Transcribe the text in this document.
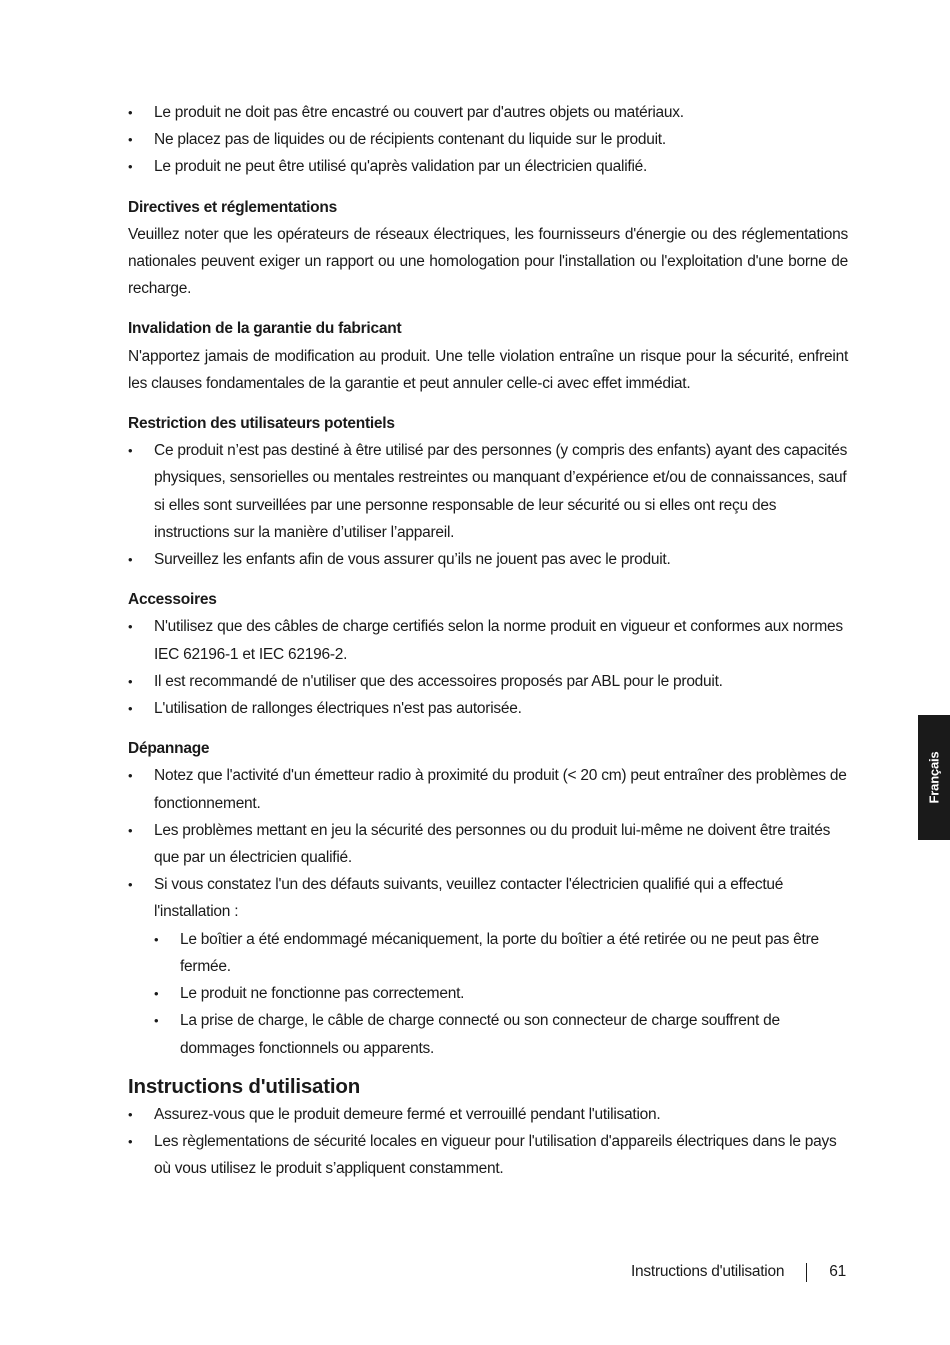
• Le produit ne doit pas être encastré ou couvert par d'autres objets ou matériaux.
• Ne placez pas de liquides ou de récipients contenant du liquide sur le produit.
• Le produit ne peut être utilisé qu'après validation par un électricien qualifié.
Directives et réglementations

Veuillez noter que les opérateurs de réseaux électriques, les fournisseurs d'énergie ou des réglementations nationales peuvent exiger un rapport ou une homologation pour l'installation ou l'exploitation d'une borne de recharge.

Invalidation de la garantie du fabricant

N'apportez jamais de modification au produit. Une telle violation entraîne un risque pour la sécurité, enfreint les clauses fondamentales de la garantie et peut annuler celle-ci avec effet immédiat.

Restriction des utilisateurs potentiels
• Ce produit n’est pas destiné à être utilisé par des personnes (y compris des enfants) ayant des capacités physiques, sensorielles ou mentales restreintes ou manquant d’expérience et/ou de connaissances, sauf si elles sont surveillées par une personne responsable de leur sécurité ou si elles ont reçu des instructions sur la manière d’utiliser l’appareil.
• Surveillez les enfants afin de vous assurer qu’ils ne jouent pas avec le produit.
Accessoires
• N'utilisez que des câbles de charge certifiés selon la norme produit en vigueur et conformes aux normes IEC 62196-1 et IEC 62196-2.
• Il est recommandé de n'utiliser que des accessoires proposés par ABL pour le produit.
• L'utilisation de rallonges électriques n'est pas autorisée.
Dépannage
• Notez que l'activité d'un émetteur radio à proximité du produit (< 20 cm) peut entraîner des problèmes de fonctionnement.
• Les problèmes mettant en jeu la sécurité des personnes ou du produit lui-même ne doivent être traités que par un électricien qualifié.
• Si vous constatez l'un des défauts suivants, veuillez contacter l'électricien qualifié qui a effectué l'installation :
• Le boîtier a été endommagé mécaniquement, la porte du boîtier a été retirée ou ne peut pas être fermée.
• Le produit ne fonctionne pas correctement.
• La prise de charge, le câble de charge connecté ou son connecteur de charge souffrent de dommages fonctionnels ou apparents.
Instructions d'utilisation
• Assurez-vous que le produit demeure fermé et verrouillé pendant l'utilisation.
• Les règlementations de sécurité locales en vigueur pour l'utilisation d'appareils électriques dans le pays où vous utilisez le produit s’appliquent constamment.
Français
Instructions d'utilisation	61
